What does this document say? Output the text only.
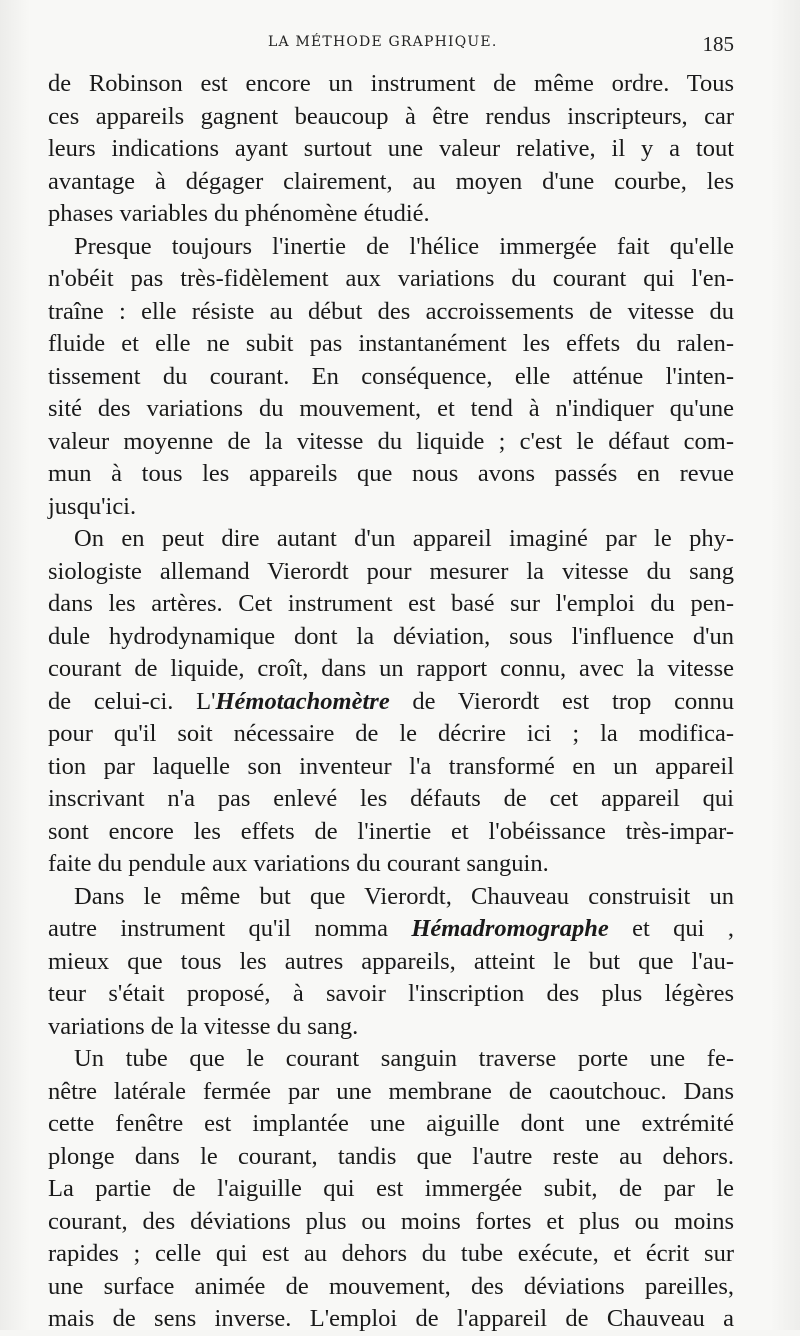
LA MÉTHODE GRAPHIQUE.	185
de Robinson est encore un instrument de même ordre. Tous
ces appareils gagnent beaucoup à être rendus inscripteurs, car
leurs indications ayant surtout une valeur relative, il y a tout
avantage à dégager clairement, au moyen d'une courbe, les
phases variables du phénomène étudié.
Presque toujours l'inertie de l'hélice immergée fait qu'elle
n'obéit pas très-fidèlement aux variations du courant qui l'en-
traîne : elle résiste au début des accroissements de vitesse du
fluide et elle ne subit pas instantanément les effets du ralen-
tissement du courant. En conséquence, elle atténue l'inten-
sité des variations du mouvement, et tend à n'indiquer qu'une
valeur moyenne de la vitesse du liquide ; c'est le défaut com-
mun à tous les appareils que nous avons passés en revue
jusqu'ici.
On en peut dire autant d'un appareil imaginé par le phy-
siologiste allemand Vierordt pour mesurer la vitesse du sang
dans les artères. Cet instrument est basé sur l'emploi du pen-
dule hydrodynamique dont la déviation, sous l'influence d'un
courant de liquide, croît, dans un rapport connu, avec la vitesse
de celui-ci. L'Hémotachomètre de Vierordt est trop connu
pour qu'il soit nécessaire de le décrire ici ; la modifica-
tion par laquelle son inventeur l'a transformé en un appareil
inscrivant n'a pas enlevé les défauts de cet appareil qui
sont encore les effets de l'inertie et l'obéissance très-impar-
faite du pendule aux variations du courant sanguin.
Dans le même but que Vierordt, Chauveau construisit un
autre instrument qu'il nomma Hémadromographe et qui ,
mieux que tous les autres appareils, atteint le but que l'au-
teur s'était proposé, à savoir l'inscription des plus légères
variations de la vitesse du sang.
Un tube que le courant sanguin traverse porte une fe-
nêtre latérale fermée par une membrane de caoutchouc. Dans
cette fenêtre est implantée une aiguille dont une extrémité
plonge dans le courant, tandis que l'autre reste au dehors.
La partie de l'aiguille qui est immergée subit, de par le
courant, des déviations plus ou moins fortes et plus ou moins
rapides ; celle qui est au dehors du tube exécute, et écrit sur
une surface animée de mouvement, des déviations pareilles,
mais de sens inverse. L'emploi de l'appareil de Chauveau a
